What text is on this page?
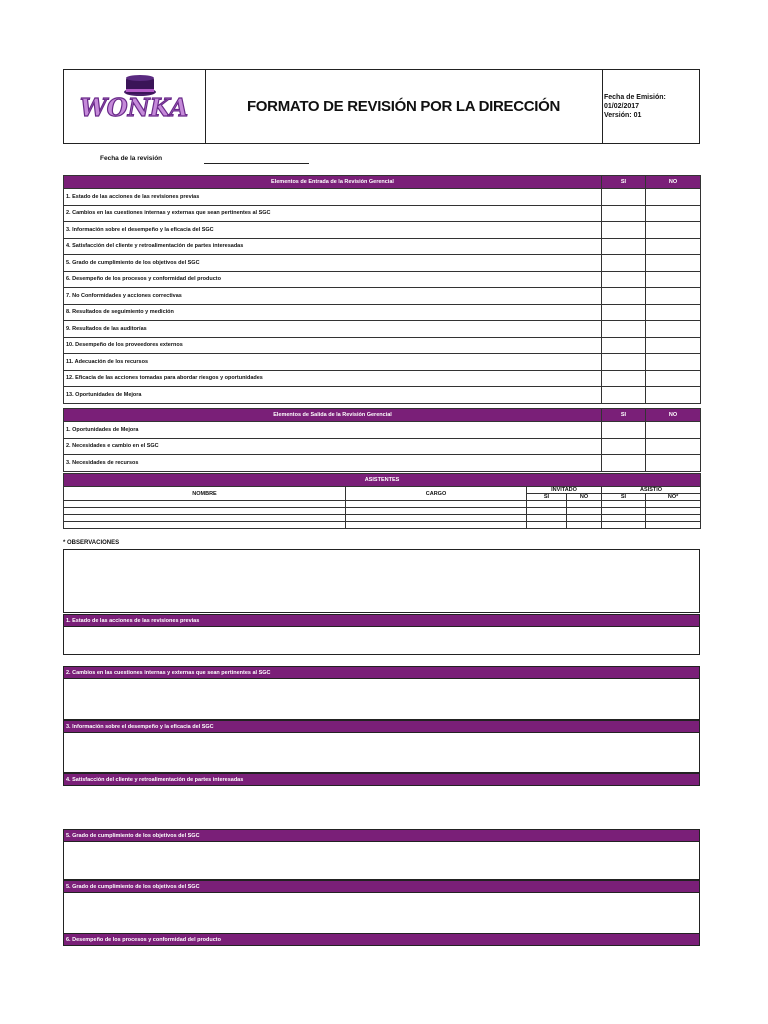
WONKA	FORMATO DE REVISIÓN POR LA DIRECCIÓN
Fecha de Emisión: 01/02/2017
Versión: 01
Fecha de la revisión
Elementos de Entrada de la Revisión Gerencial	SI	NO
1. Estado de las acciones de las revisiones previas		
2. Cambios en las cuestiones internas y externas que sean pertinentes al SGC		
3. Información sobre el desempeño y la eficacia del SGC		
4. Satisfacción del cliente y retroalimentación de partes interesadas		
5. Grado de cumplimiento de los objetivos del SGC		
6. Desempeño de los procesos y conformidad del producto		
7. No Conformidades y acciones correctivas		
8. Resultados de seguimiento y medición		
9. Resultados de las auditorías		
10. Desempeño de los proveedores externos		
11. Adecuación de los recursos		
12. Eficacia de las acciones tomadas para abordar riesgos y oportunidades		
13. Oportunidades de Mejora		
Elementos de Salida de la Revisión Gerencial	SI	NO
1. Oportunidades de Mejora		
2. Necesidades e cambio en el SGC		
3. Necesidades de recursos		
ASISTENTES					
NOMBRE	CARGO	INVITADO		ASISTIO	
		SI	NO	SI	NO*

* OBSERVACIONES
1. Estado de las acciones de las revisiones previas
2. Cambios en las cuestiones internas y externas que sean pertinentes al SGC
3. Información sobre el desempeño y la eficacia del SGC
4. Satisfacción del cliente y retroalimentación de partes interesadas
5. Grado de cumplimiento de los objetivos del SGC
5. Grado de cumplimiento de los objetivos del SGC
6. Desempeño de los procesos y conformidad del producto
